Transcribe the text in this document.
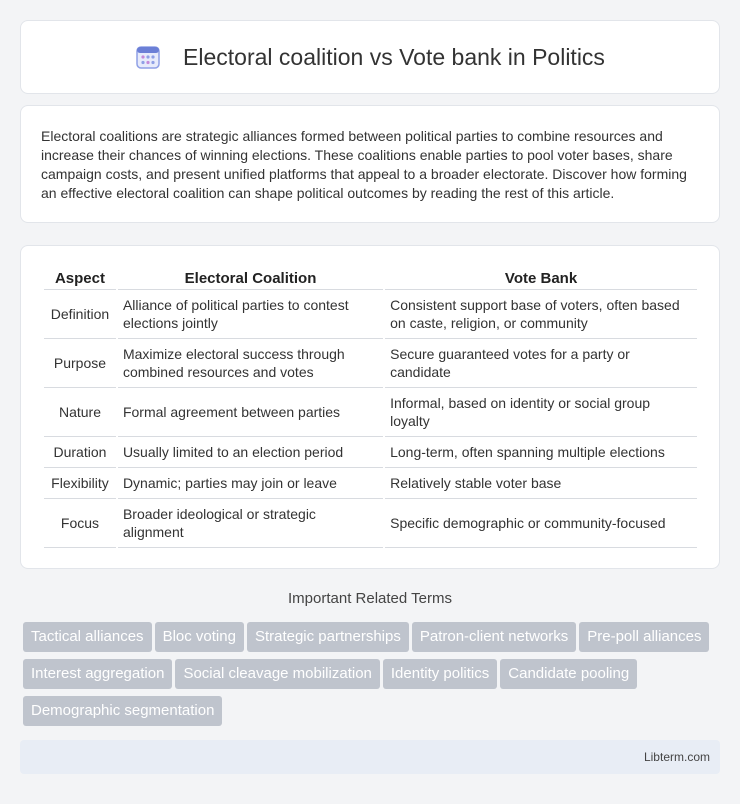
Electoral coalition vs Vote bank in Politics

Electoral coalitions are strategic alliances formed between political parties to combine resources and increase their chances of winning elections. These coalitions enable parties to pool voter bases, share campaign costs, and present unified platforms that appeal to a broader electorate. Discover how forming an effective electoral coalition can shape political outcomes by reading the rest of this article.

Aspect	Electoral Coalition	Vote Bank
Definition	Alliance of political parties to contest elections jointly	Consistent support base of voters, often based on caste, religion, or community
Purpose	Maximize electoral success through combined resources and votes	Secure guaranteed votes for a party or candidate
Nature	Formal agreement between parties	Informal, based on identity or social group loyalty
Duration	Usually limited to an election period	Long-term, often spanning multiple elections
Flexibility	Dynamic; parties may join or leave	Relatively stable voter base
Focus	Broader ideological or strategic alignment	Specific demographic or community-focused
Important Related Terms
Tactical alliances Bloc voting Strategic partnerships Patron-client networks Pre-poll alliancesInterest aggregation Social cleavage mobilization Identity politics Candidate poolingDemographic segmentation
Libterm.com
